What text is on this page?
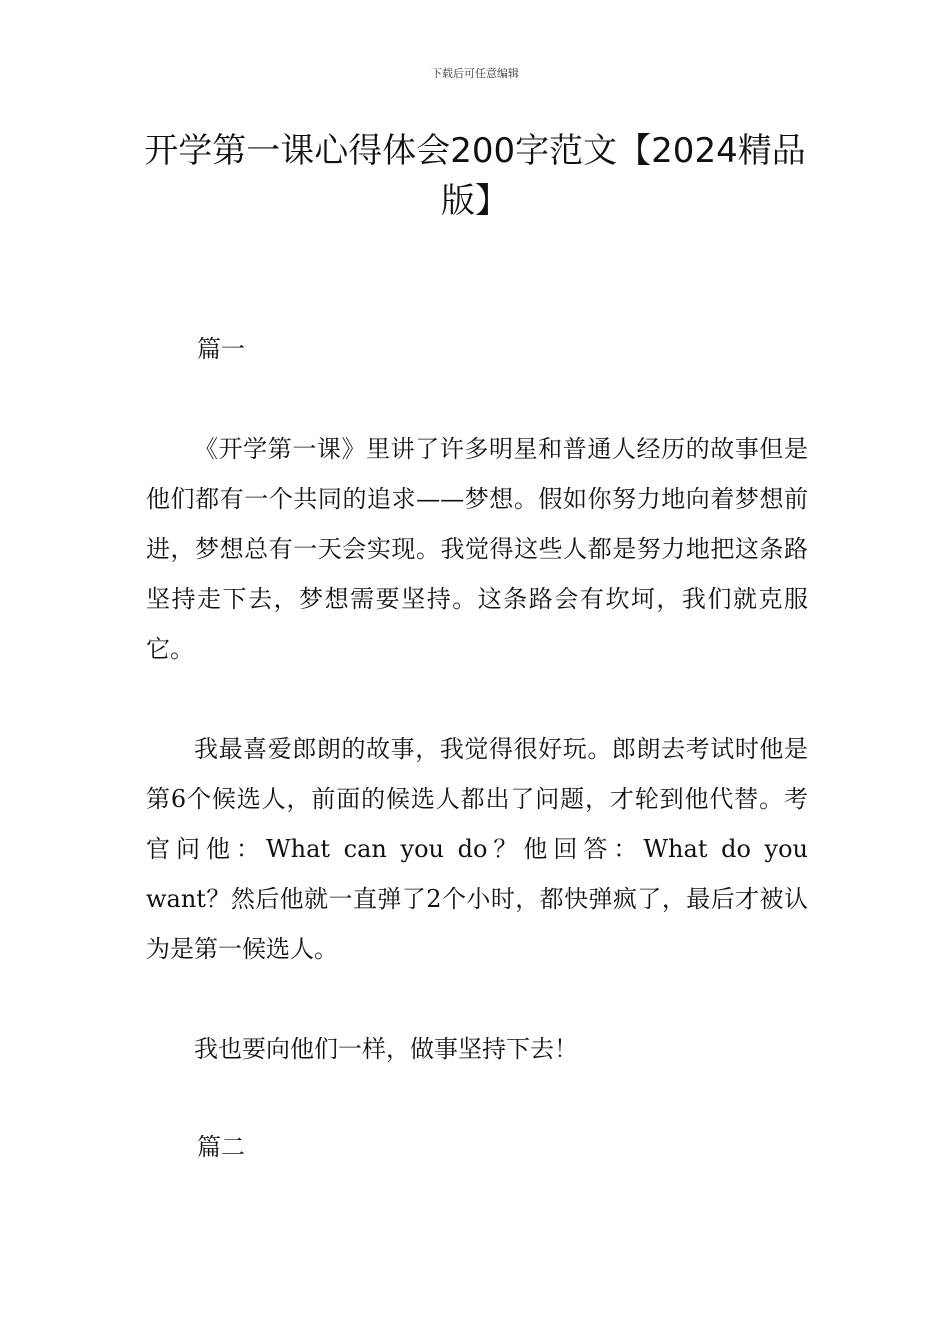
下载后可任意编辑
开学第一课心得体会200字范文【2024精品版】
篇一

《开学第一课》里讲了许多明星和普通人经历的故事但是他们都有一个共同的追求——梦想。假如你努力地向着梦想前进，梦想总有一天会实现。我觉得这些人都是努力地把这条路坚持走下去，梦想需要坚持。这条路会有坎坷，我们就克服它。

我最喜爱郎朗的故事，我觉得很好玩。郎朗去考试时他是第6个候选人，前面的候选人都出了问题，才轮到他代替。考官问他：What can you do？他回答：What do you want？然后他就一直弹了2个小时，都快弹疯了，最后才被认为是第一候选人。

我也要向他们一样，做事坚持下去！

篇二
